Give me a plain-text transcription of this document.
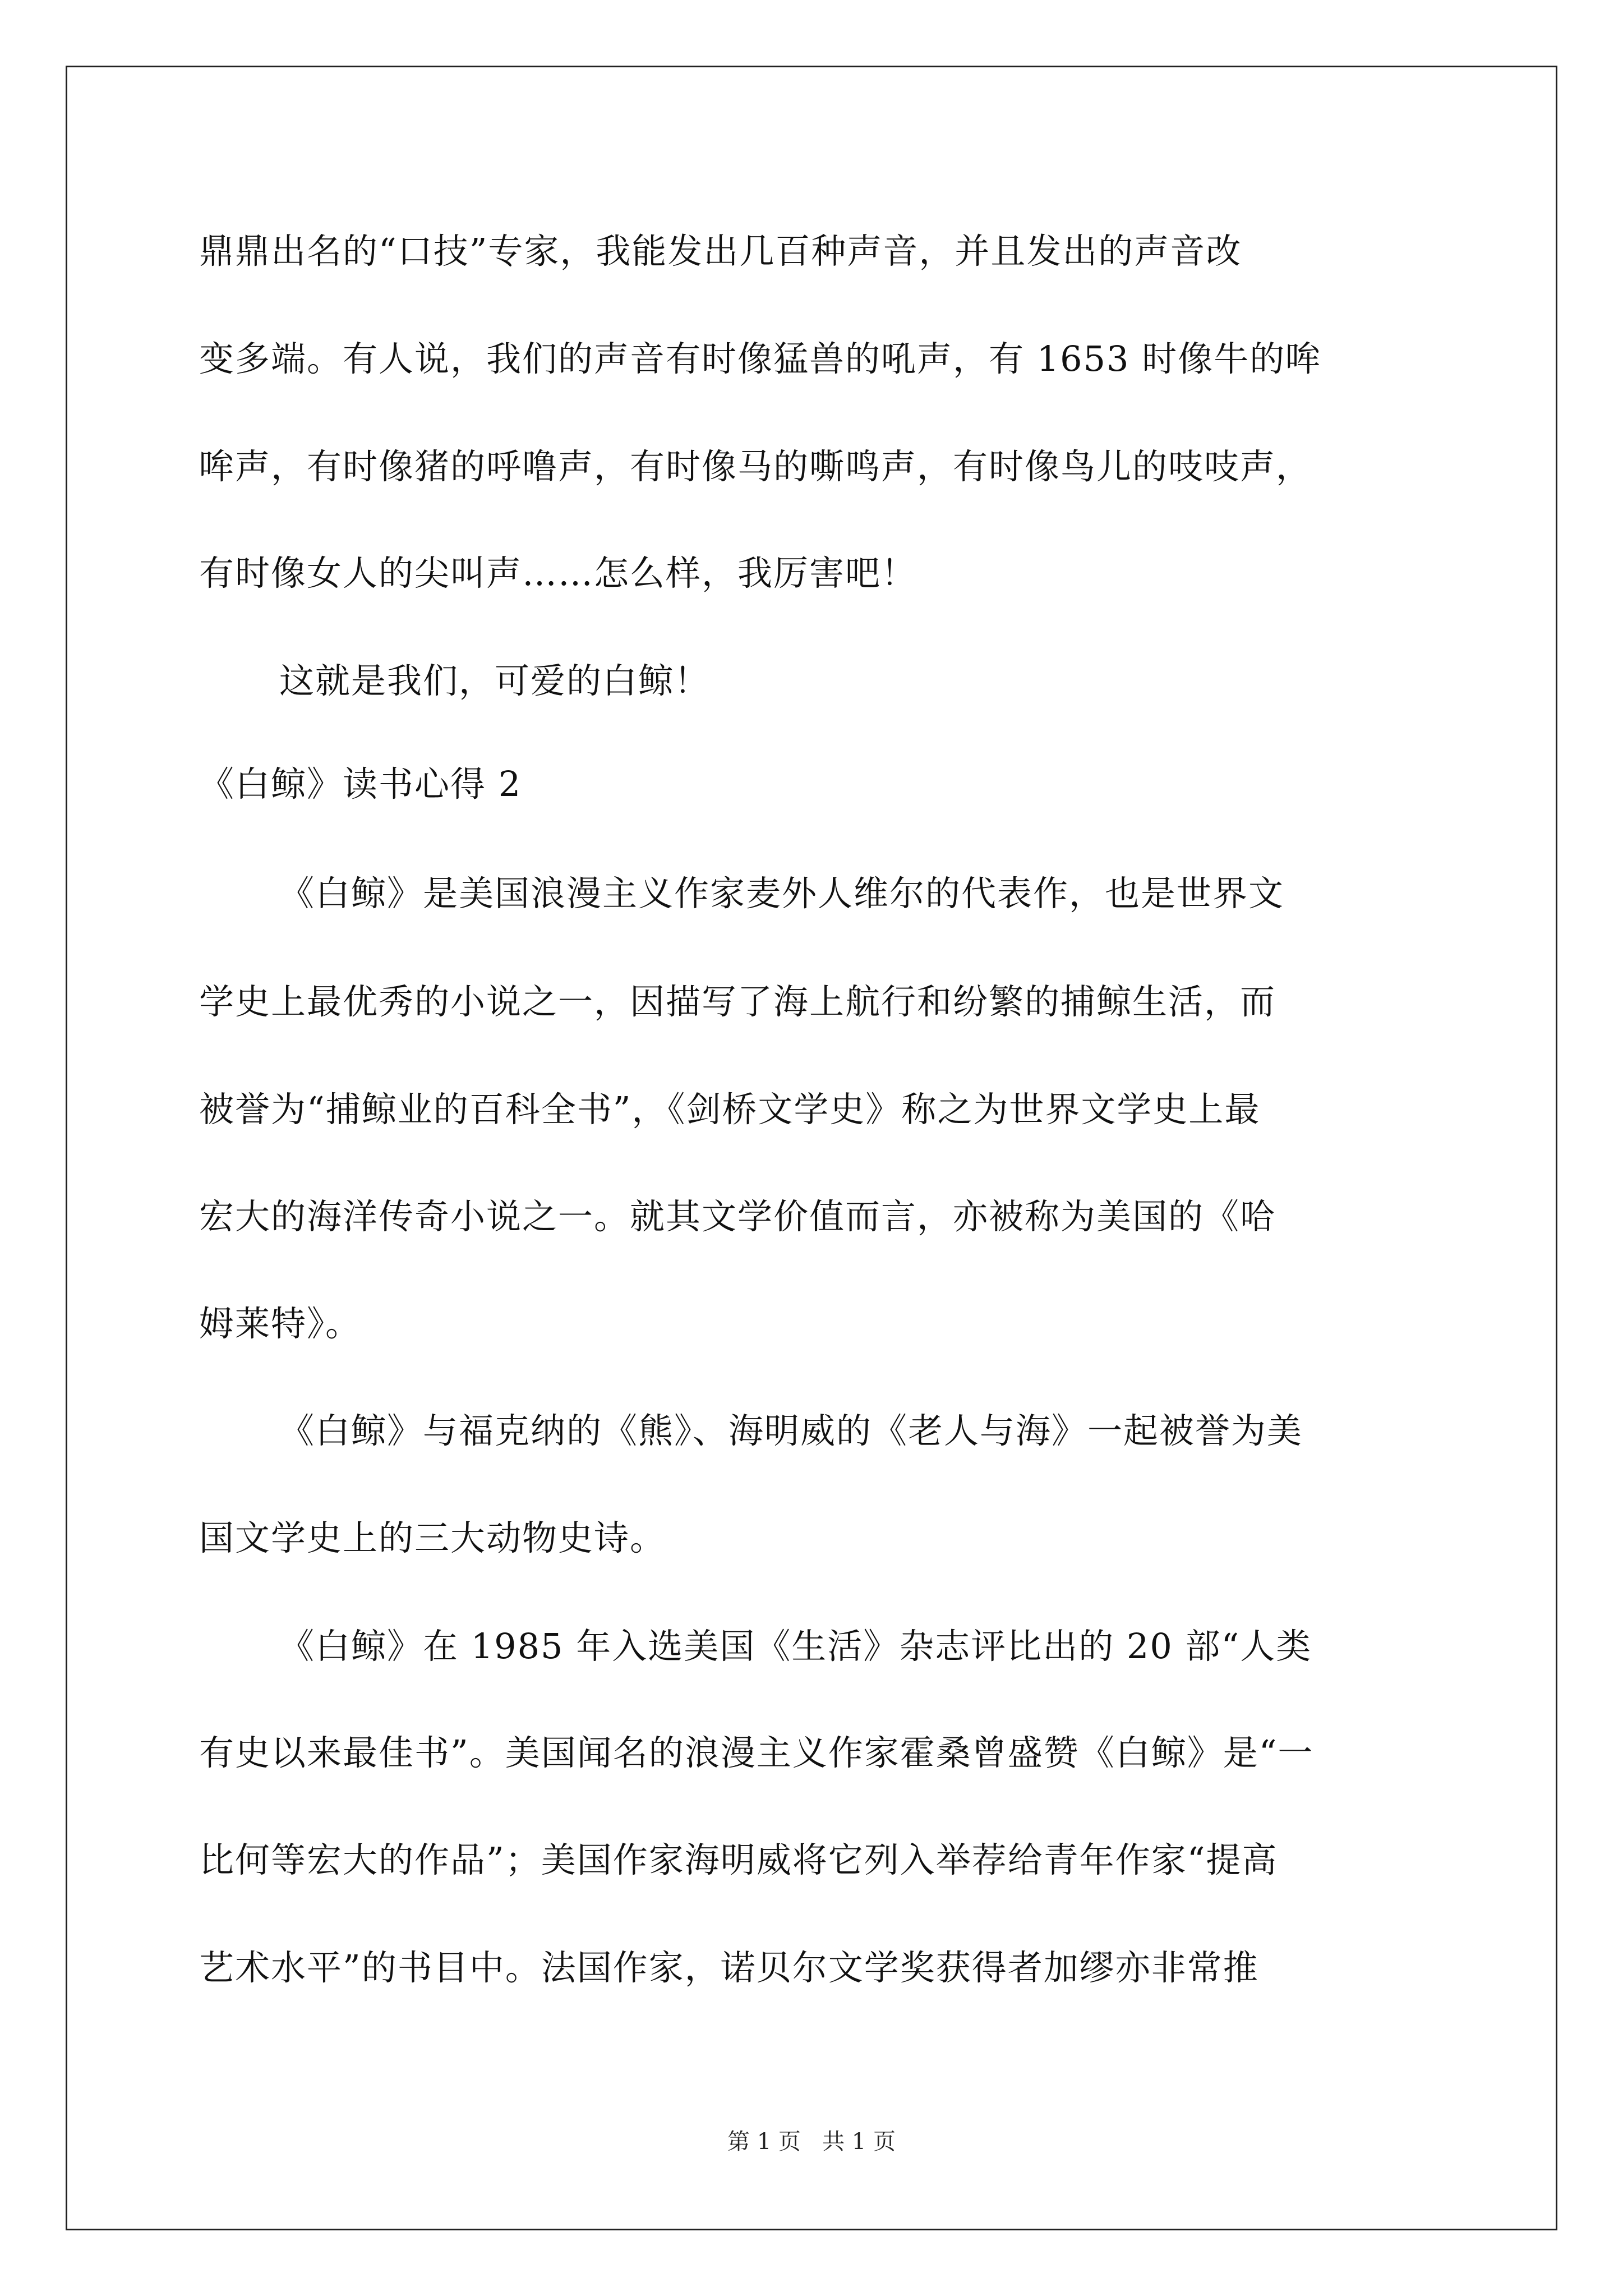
鼎鼎出名的“口技”专家，我能发出几百种声音，并且发出的声音改
变多端。有人说，我们的声音有时像猛兽的吼声，有 1653 时像牛的哞
哞声，有时像猪的呼噜声，有时像马的嘶鸣声，有时像鸟儿的吱吱声，
有时像女人的尖叫声……怎么样，我厉害吧！
这就是我们，可爱的白鲸！
《白鲸》读书心得 2
《白鲸》是美国浪漫主义作家麦外人维尔的代表作，也是世界文
学史上最优秀的小说之一，因描写了海上航行和纷繁的捕鲸生活，而
被誉为“捕鲸业的百科全书”，《剑桥文学史》称之为世界文学史上最
宏大的海洋传奇小说之一。就其文学价值而言，亦被称为美国的《哈
姆莱特》。
《白鲸》与福克纳的《熊》、海明威的《老人与海》一起被誉为美
国文学史上的三大动物史诗。
《白鲸》在 1985 年入选美国《生活》杂志评比出的 20 部“人类
有史以来最佳书”。美国闻名的浪漫主义作家霍桑曾盛赞《白鲸》是“一
比何等宏大的作品”；美国作家海明威将它列入举荐给青年作家“提高
艺术水平”的书目中。法国作家，诺贝尔文学奖获得者加缪亦非常推
第 1 页   共 1 页
